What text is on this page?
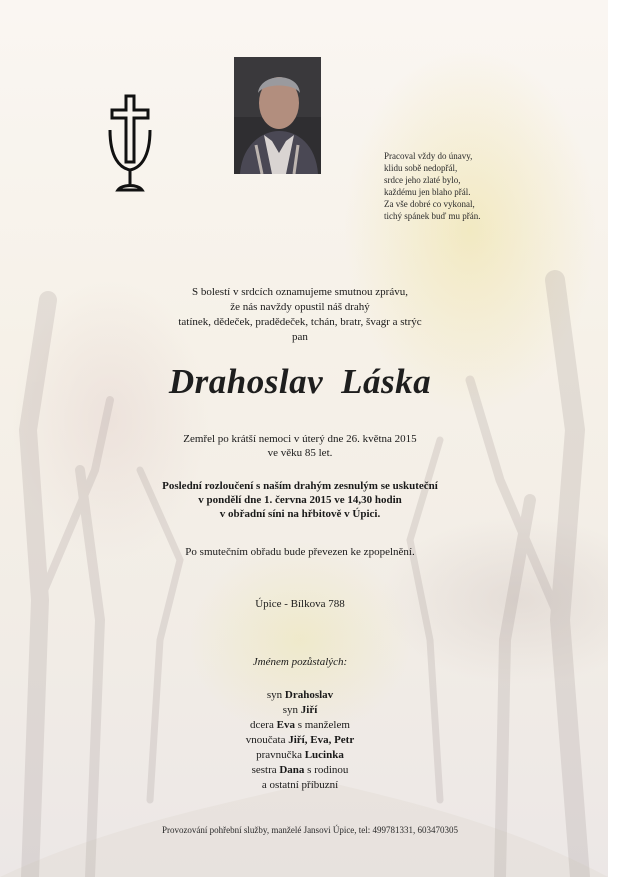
Pracoval vždy do únavy,
klidu sobě nedopřál,
srdce jeho zlaté bylo,
každému jen blaho přál.
Za vše dobré co vykonal,
tichý spánek buď mu přán.
S bolestí v srdcích oznamujeme smutnou zprávu,
že nás navždy opustil náš drahý
tatínek, dědeček, pradědeček, tchán, bratr, švagr a strýc
pan
Drahoslav Láska
Zemřel po krátší nemoci v úterý dne 26. května 2015
ve věku 85 let.
Poslední rozloučení s naším drahým zesnulým se uskuteční
v pondělí dne 1. června 2015 ve 14,30 hodin
v obřadní síni na hřbitově v Úpici.
Po smutečním obřadu bude převezen ke zpopelnění.
Úpice - Bílkova 788
Jménem pozůstalých:
syn Drahoslav
syn Jiří
dcera Eva s manželem
vnoučata Jiří, Eva, Petr
pravnučka Lucinka
sestra Dana s rodinou
a ostatní příbuzní
Provozování pohřební služby, manželé Jansovi Úpice, tel: 499781331, 603470305
